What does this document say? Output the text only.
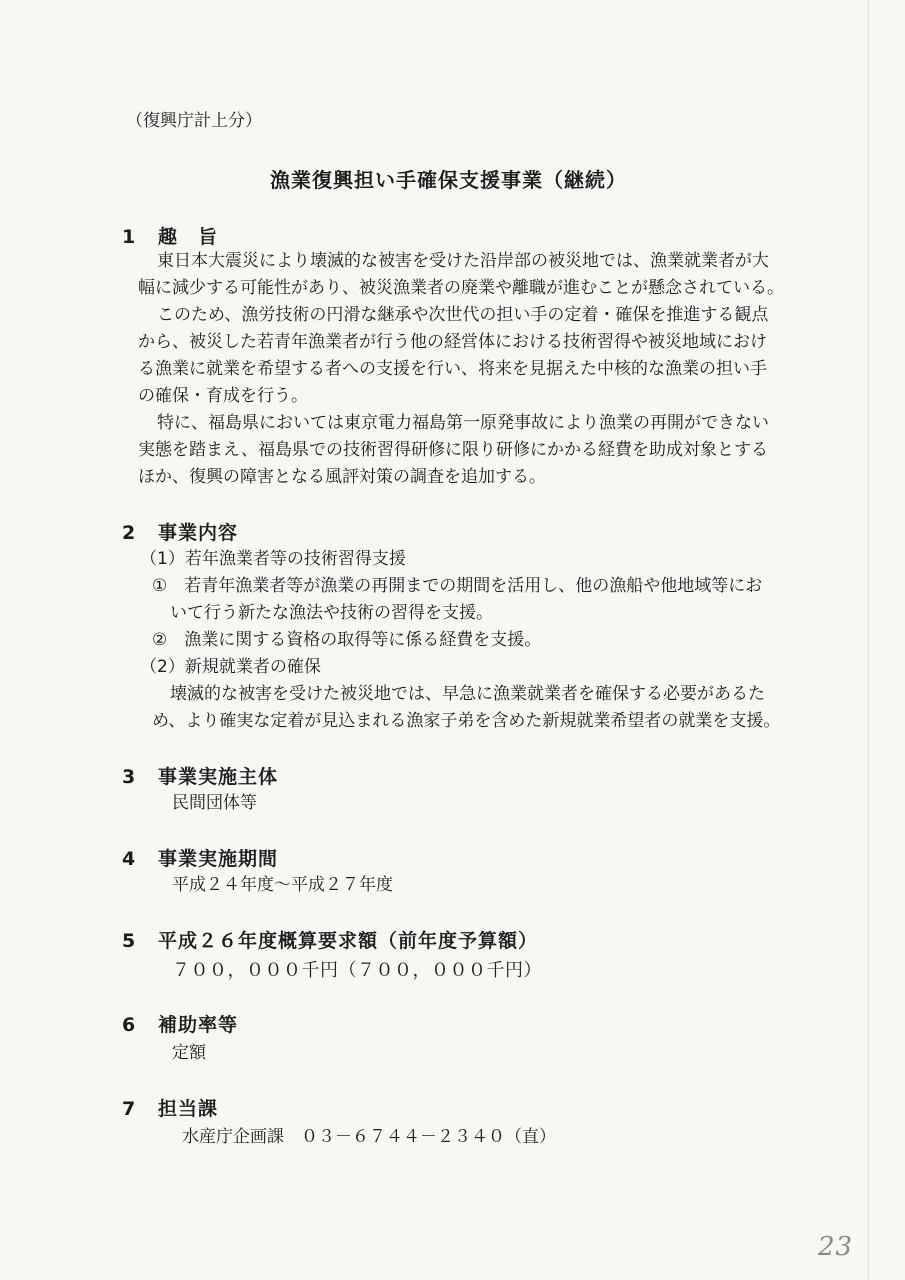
（復興庁計上分）
漁業復興担い手確保支援事業（継続）
1 趣　旨
東日本大震災により壊滅的な被害を受けた沿岸部の被災地では、漁業就業者が大
幅に減少する可能性があり、被災漁業者の廃業や離職が進むことが懸念されている。
このため、漁労技術の円滑な継承や次世代の担い手の定着・確保を推進する観点
から、被災した若青年漁業者が行う他の経営体における技術習得や被災地域におけ
る漁業に就業を希望する者への支援を行い、将来を見据えた中核的な漁業の担い手
の確保・育成を行う。
特に、福島県においては東京電力福島第一原発事故により漁業の再開ができない
実態を踏まえ、福島県での技術習得研修に限り研修にかかる経費を助成対象とする
ほか、復興の障害となる風評対策の調査を追加する。
2 事業内容
（1）若年漁業者等の技術習得支援
①　若青年漁業者等が漁業の再開までの期間を活用し、他の漁船や他地域等にお
いて行う新たな漁法や技術の習得を支援。
②　漁業に関する資格の取得等に係る経費を支援。
（2）新規就業者の確保
壊滅的な被害を受けた被災地では、早急に漁業就業者を確保する必要があるた
め、より確実な定着が見込まれる漁家子弟を含めた新規就業希望者の就業を支援。
3 事業実施主体
民間団体等
4 事業実施期間
平成２４年度～平成２７年度
5 平成２６年度概算要求額（前年度予算額）
７００，０００千円（７００，０００千円）
6 補助率等
定額
7 担当課
水産庁企画課　０３－６７４４－２３４０（直）
23
